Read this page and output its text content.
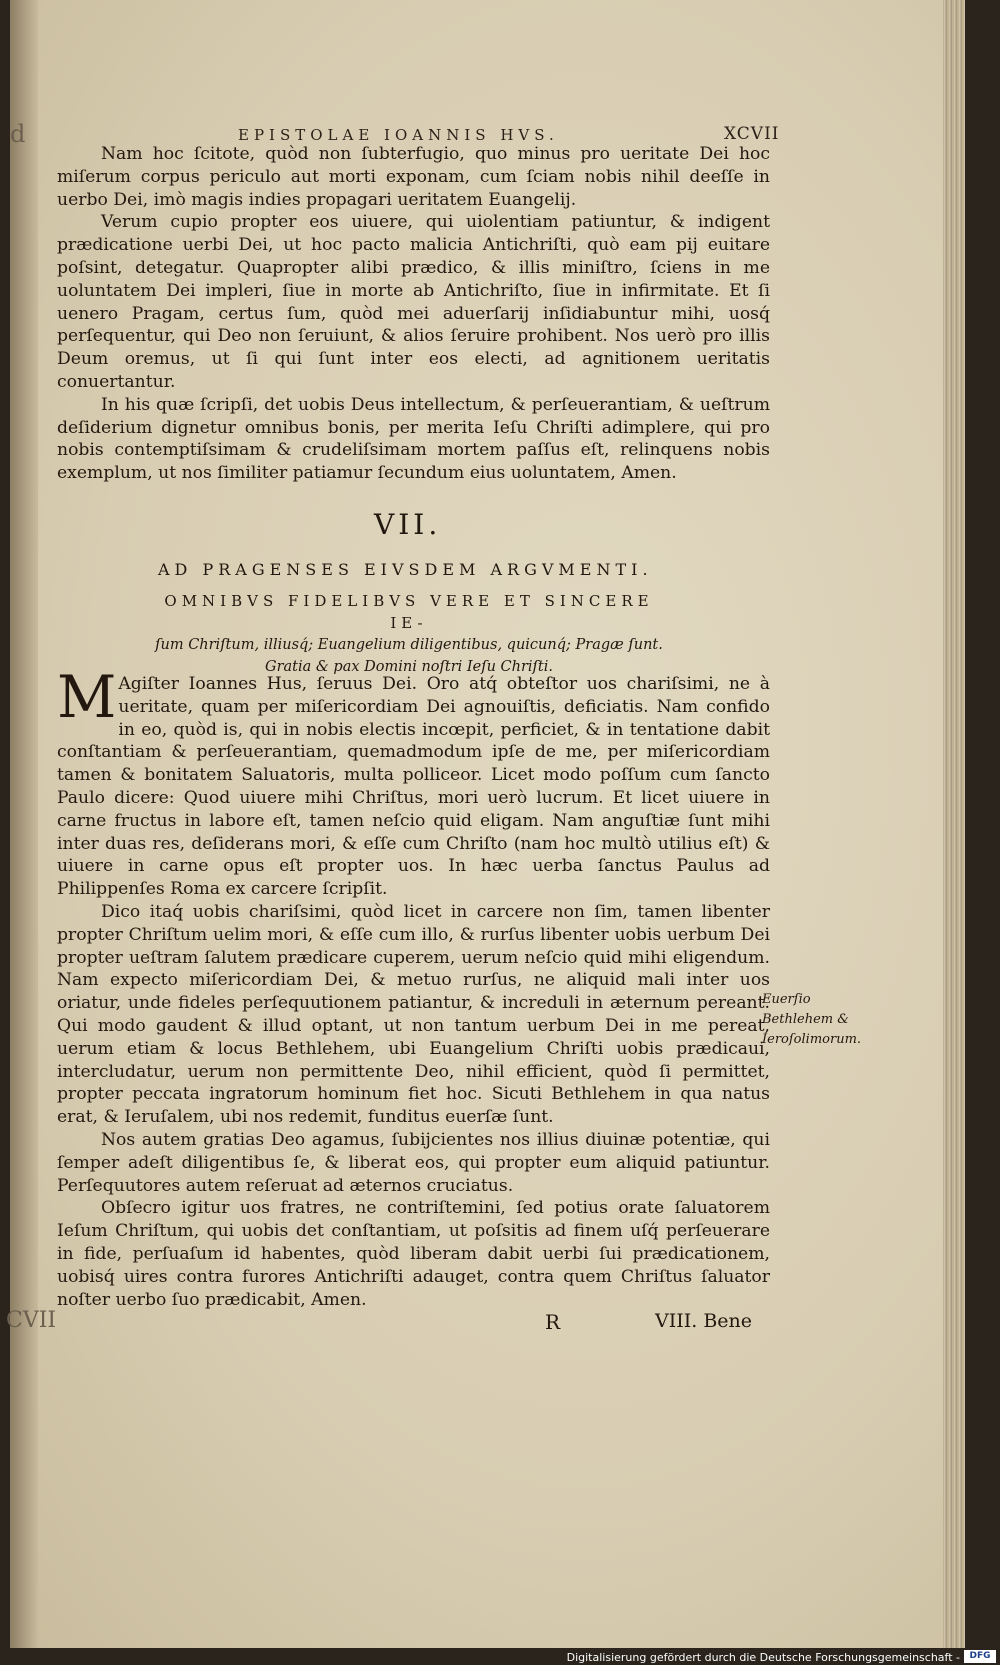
d
CVII
EPISTOLAE IOANNIS HVS.	XCVII

Nam hoc ſcitote, quòd non ſubterfugio, quo minus pro ueritate Dei hoc miſerum corpus periculo aut morti exponam, cum ſciam nobis nihil deeſſe in uerbo Dei, imò magis indies propagari ueritatem Euangelij.

Verum cupio propter eos uiuere, qui uiolentiam patiuntur, & indigent prædicatione uerbi Dei, ut hoc pacto malicia Antichriſti, quò eam pij euitare poſsint, detegatur. Quapropter alibi prædico, & illis miniſtro, ſciens in me uoluntatem Dei impleri, ſiue in morte ab Antichriſto, ſiue in infirmitate. Et ſi uenero Pragam, certus ſum, quòd mei aduerſarij inſidiabuntur mihi, uosq́ perſequentur, qui Deo non ſeruiunt, & alios ſeruire prohibent. Nos uerò pro illis Deum oremus, ut ſi qui ſunt inter eos electi, ad agnitionem ueritatis conuertantur.

In his quæ ſcripſi, det uobis Deus intellectum, & perſeuerantiam, & ueſtrum deſiderium dignetur omnibus bonis, per merita Ieſu Chriſti adimplere, qui pro nobis contemptiſsimam & crudeliſsimam mortem paſſus eſt, relinquens nobis exemplum, ut nos ſimiliter patiamur ſecundum eius uoluntatem, Amen.

VII.
AD PRAGENSES EIVSDEM ARGVMENTI.
OMNIBVS FIDELIBVS VERE ET SINCERE IE-
ſum Chriſtum, illiusq́; Euangelium diligentibus, quicunq́; Pragæ ſunt. Gratia & pax Domini noſtri Ieſu Chriſti.

M Agiſter Ioannes Hus, ſeruus Dei. Oro atq́ obteſtor uos chariſsimi, ne à ueritate, quam per miſericordiam Dei agnouiſtis, deficiatis. Nam confido in eo, quòd is, qui in nobis electis incœpit, perficiet, & in tentatione dabit conſtantiam & perſeuerantiam, quemadmodum ipſe de me, per miſericordiam tamen & bonitatem Saluatoris, multa polliceor. Licet modo poſſum cum ſancto Paulo dicere: Quod uiuere mihi Chriſtus, mori uerò lucrum. Et licet uiuere in carne fructus in labore eſt, tamen neſcio quid eligam. Nam anguſtiæ ſunt mihi inter duas res, deſiderans mori, & eſſe cum Chriſto (nam hoc multò utilius eſt) & uiuere in carne opus eſt propter uos. In hæc uerba ſanctus Paulus ad Philippenſes Roma ex carcere ſcripſit.

Dico itaq́ uobis chariſsimi, quòd licet in carcere non ſim, tamen libenter propter Chriſtum uelim mori, & eſſe cum illo, & rurſus libenter uobis uerbum Dei propter ueſtram ſalutem prædicare cuperem, uerum neſcio quid mihi eligendum. Nam expecto miſericordiam Dei, & metuo rurſus, ne aliquid mali inter uos oriatur, unde fideles perſequutionem patiantur, & increduli in æternum pereant. Qui modo gaudent & illud optant, ut non tantum uerbum Dei in me pereat, uerum etiam & locus Bethlehem, ubi Euangelium Chriſti uobis prædicaui, intercludatur, uerum non permittente Deo, nihil efficient, quòd ſi permittet, propter peccata ingratorum hominum fiet hoc. Sicuti Bethlehem in qua natus erat, & Ieruſalem, ubi nos redemit, funditus euerſæ ſunt.

Nos autem gratias Deo agamus, ſubijcientes nos illius diuinæ potentiæ, qui ſemper adeſt diligentibus ſe, & liberat eos, qui propter eum aliquid patiuntur. Perſequutores autem reſeruat ad æternos cruciatus.

Obſecro igitur uos fratres, ne contriſtemini, ſed potius orate ſaluatorem Ieſum Chriſtum, qui uobis det conſtantiam, ut poſsitis ad finem uſq́ perſeuerare in fide, perſuaſum id habentes, quòd liberam dabit uerbi ſui prædicationem, uobisq́ uires contra furores Antichriſti adauget, contra quem Chriſtus ſaluator noſter uerbo ſuo prædicabit, Amen.

Euerſio Bethlehem & Ieroſolimorum.
R	VIII. Bene
Digitalisierung gefördert durch die Deutsche Forschungsgemeinschaft -	DFG
